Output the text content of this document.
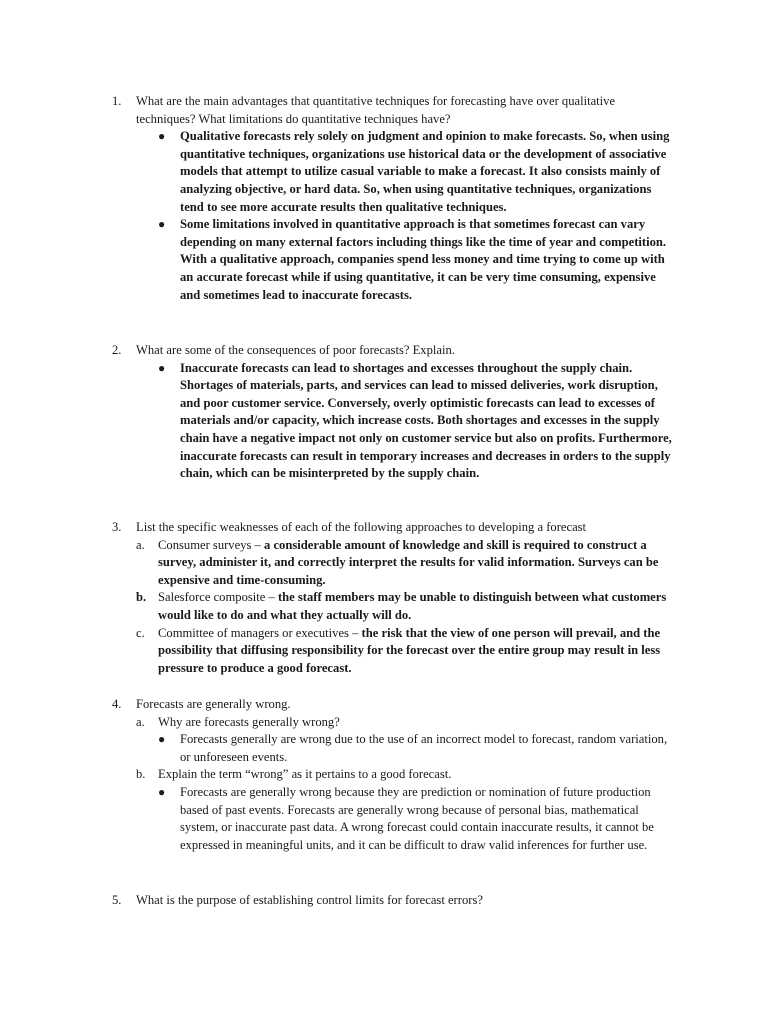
1. What are the main advantages that quantitative techniques for forecasting have over qualitative techniques? What limitations do quantitative techniques have?
● Qualitative forecasts rely solely on judgment and opinion to make forecasts. So, when using quantitative techniques, organizations use historical data or the development of associative models that attempt to utilize casual variable to make a forecast. It also consists mainly of analyzing objective, or hard data. So, when using quantitative techniques, organizations tend to see more accurate results then qualitative techniques.
● Some limitations involved in quantitative approach is that sometimes forecast can vary depending on many external factors including things like the time of year and competition. With a qualitative approach, companies spend less money and time trying to come up with an accurate forecast while if using quantitative, it can be very time consuming, expensive and sometimes lead to inaccurate forecasts.
2. What are some of the consequences of poor forecasts? Explain.
● Inaccurate forecasts can lead to shortages and excesses throughout the supply chain. Shortages of materials, parts, and services can lead to missed deliveries, work disruption, and poor customer service. Conversely, overly optimistic forecasts can lead to excesses of materials and/or capacity, which increase costs. Both shortages and excesses in the supply chain have a negative impact not only on customer service but also on profits. Furthermore, inaccurate forecasts can result in temporary increases and decreases in orders to the supply chain, which can be misinterpreted by the supply chain.
3. List the specific weaknesses of each of the following approaches to developing a forecast
a. Consumer surveys – a considerable amount of knowledge and skill is required to construct a survey, administer it, and correctly interpret the results for valid information. Surveys can be expensive and time-consuming.
b. Salesforce composite – the staff members may be unable to distinguish between what customers would like to do and what they actually will do.
c. Committee of managers or executives – the risk that the view of one person will prevail, and the possibility that diffusing responsibility for the forecast over the entire group may result in less pressure to produce a good forecast.
4. Forecasts are generally wrong.
a. Why are forecasts generally wrong?
● Forecasts generally are wrong due to the use of an incorrect model to forecast, random variation, or unforeseen events.
b. Explain the term “wrong” as it pertains to a good forecast.
● Forecasts are generally wrong because they are prediction or nomination of future production based of past events. Forecasts are generally wrong because of personal bias, mathematical system, or inaccurate past data. A wrong forecast could contain inaccurate results, it cannot be expressed in meaningful units, and it can be difficult to draw valid inferences for further use.
5. What is the purpose of establishing control limits for forecast errors?
